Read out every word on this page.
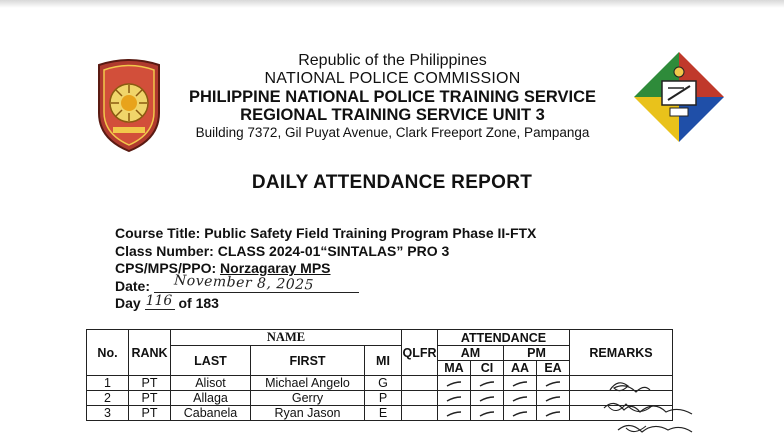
Republic of the Philippines
NATIONAL POLICE COMMISSION
PHILIPPINE NATIONAL POLICE TRAINING SERVICE
REGIONAL TRAINING SERVICE UNIT 3
Building 7372, Gil Puyat Avenue, Clark Freeport Zone, Pampanga
DAILY ATTENDANCE REPORT
Course Title: Public Safety Field Training Program Phase II-FTX
Class Number: CLASS 2024-01“SINTALAS” PRO 3
CPS/MPS/PPO: Norzagaray MPS
Date: November 8, 2025
Day 116 of 183
No.	RANK	NAME			QLFR	ATTENDANCE				REMARKS
		LAST	FIRST	MI		AM		PM		
						MA	CI	AA	EA	
1	PT	Alisot	Michael Angelo	G						
2	PT	Allaga	Gerry	P						
3	PT	Cabanela	Ryan Jason	E						
